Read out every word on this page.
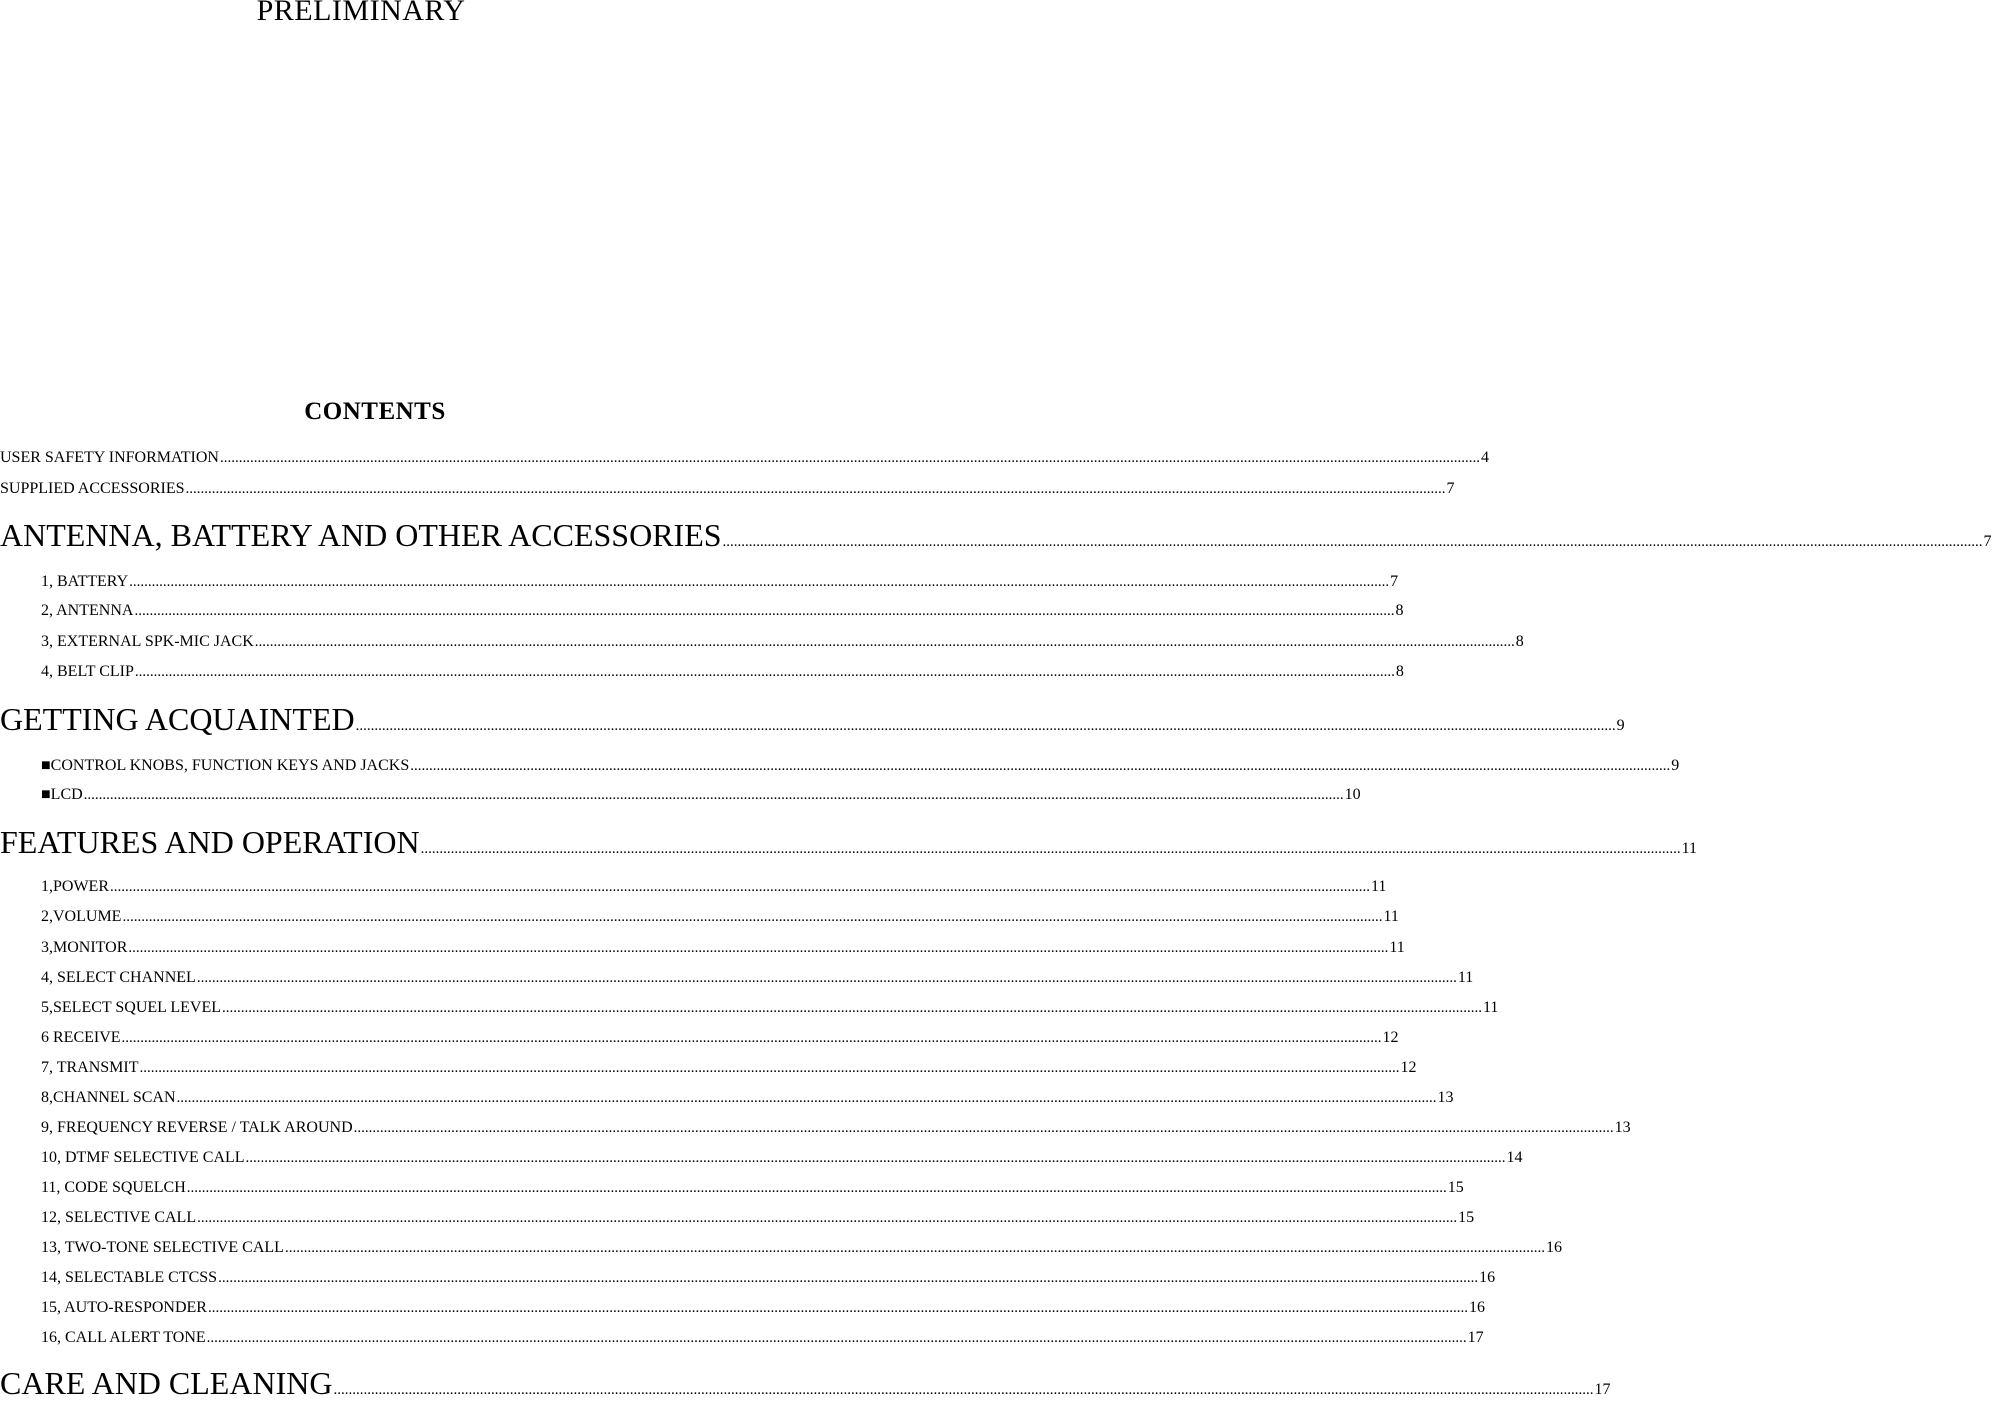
PRELIMINARY
CONTENTS
USER SAFETY INFORMATION .....	4
SUPPLIED ACCESSORIES .....	7
ANTENNA, BATTERY AND OTHER ACCESSORIES .....	7
1, BATTERY .....	7
2, ANTENNA .....	8
3, EXTERNAL SPK-MIC JACK .....	8
4, BELT CLIP .....	8
GETTING ACQUAINTED .....	9
■CONTROL KNOBS, FUNCTION KEYS AND JACKS .....	9
■LCD .....	10
FEATURES AND OPERATION .....	11
1,POWER .....	11
2,VOLUME .....	11
3,MONITOR .....	11
4, SELECT CHANNEL .....	11
5,SELECT SQUEL LEVEL .....	11
6 RECEIVE .....	12
7, TRANSMIT .....	12
8,CHANNEL SCAN .....	13
9, FREQUENCY REVERSE / TALK AROUND .....	13
10, DTMF SELECTIVE CALL .....	14
11, CODE SQUELCH .....	15
12, SELECTIVE CALL .....	15
13, TWO-TONE SELECTIVE CALL .....	16
14, SELECTABLE CTCSS .....	16
15, AUTO-RESPONDER .....	16
16, CALL ALERT TONE .....	17
CARE AND CLEANING .....	17
